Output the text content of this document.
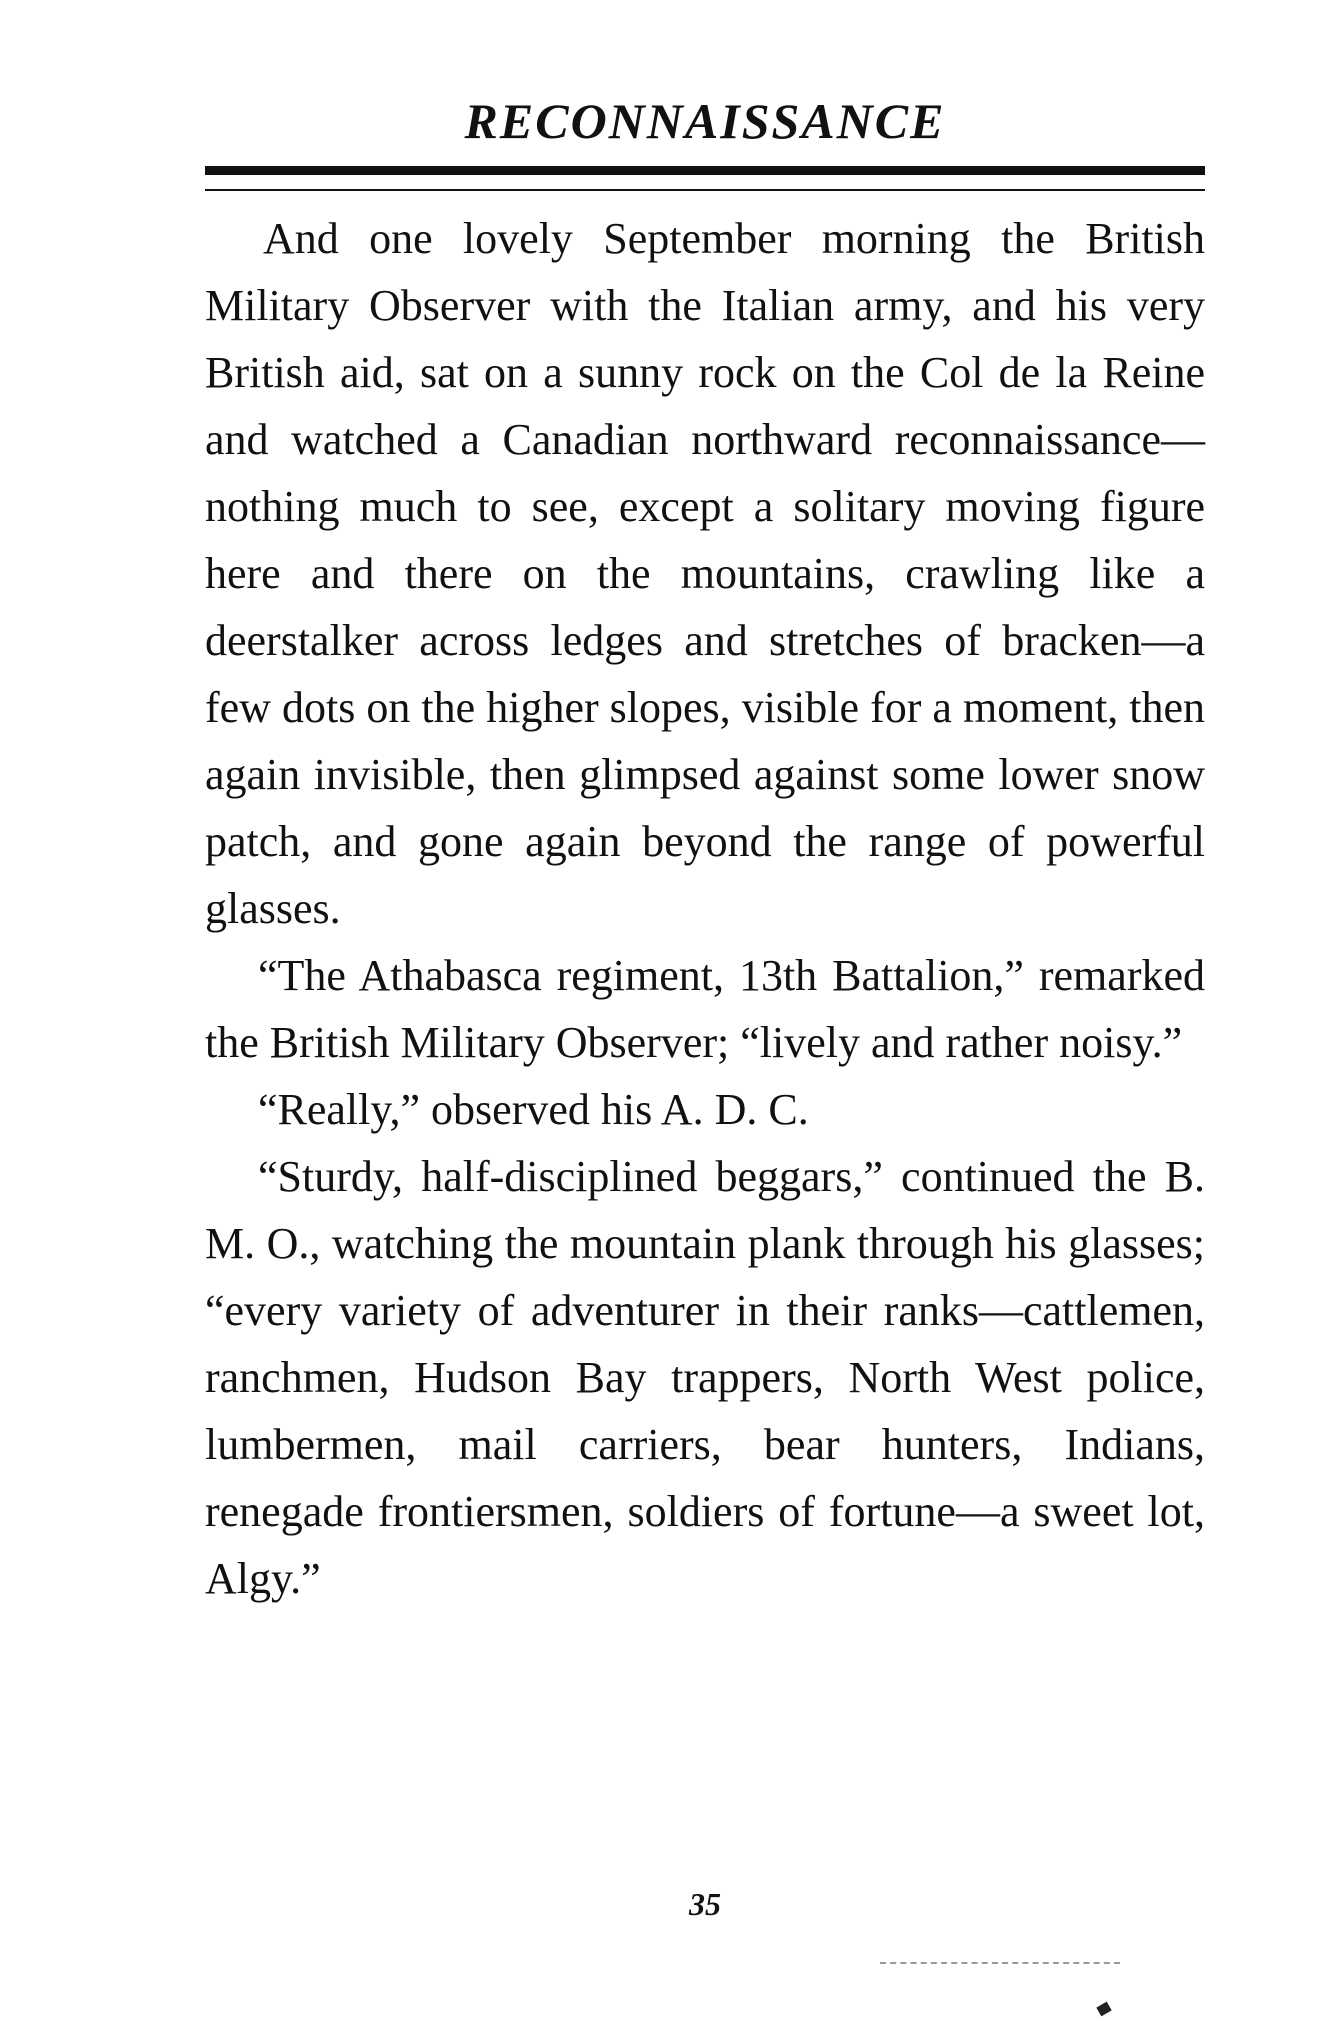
RECONNAISSANCE

And one lovely September morning the British Military Observer with the Italian army, and his very British aid, sat on a sunny rock on the Col de la Reine and watched a Canadian northward reconnaissance—nothing much to see, except a solitary moving figure here and there on the mountains, crawling like a deerstalker across ledges and stretches of bracken—a few dots on the higher slopes, visible for a moment, then again invisible, then glimpsed against some lower snow patch, and gone again beyond the range of powerful glasses.

“The Athabasca regiment, 13th Battalion,” remarked the British Military Observer; “lively and rather noisy.”

“Really,” observed his A. D. C.

“Sturdy, half-disciplined beggars,” continued the B. M. O., watching the mountain plank through his glasses; “every variety of adventurer in their ranks—cattlemen, ranchmen, Hudson Bay trappers, North West police, lumbermen, mail carriers, bear hunters, Indians, renegade frontiersmen, soldiers of fortune—a sweet lot, Algy.”

35
